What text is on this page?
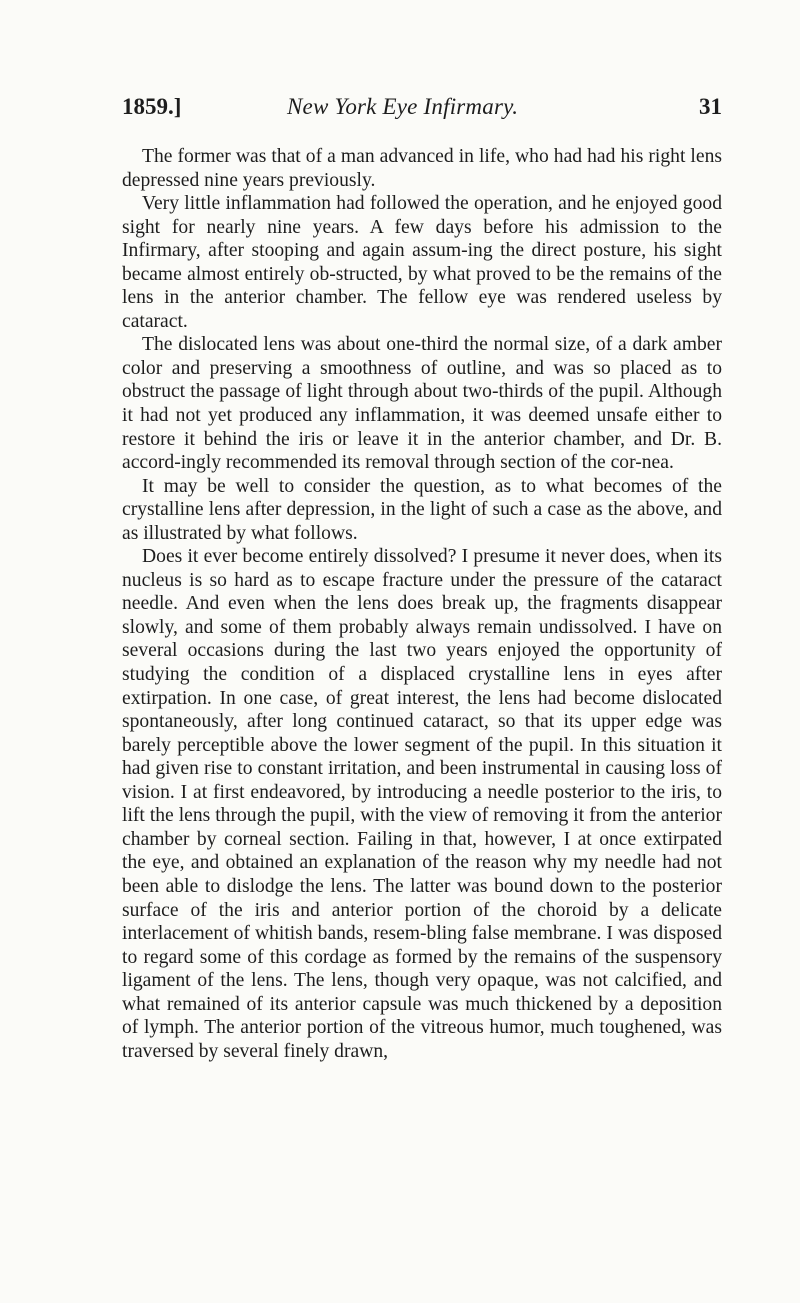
1859.]	New York Eye Infirmary.	31

The former was that of a man advanced in life, who had had his right lens depressed nine years previously.

Very little inflammation had followed the operation, and he enjoyed good sight for nearly nine years. A few days before his admission to the Infirmary, after stooping and again assum-ing the direct posture, his sight became almost entirely ob-structed, by what proved to be the remains of the lens in the anterior chamber. The fellow eye was rendered useless by cataract.

The dislocated lens was about one-third the normal size, of a dark amber color and preserving a smoothness of outline, and was so placed as to obstruct the passage of light through about two-thirds of the pupil. Although it had not yet produced any inflammation, it was deemed unsafe either to restore it behind the iris or leave it in the anterior chamber, and Dr. B. accord-ingly recommended its removal through section of the cor-nea.

It may be well to consider the question, as to what becomes of the crystalline lens after depression, in the light of such a case as the above, and as illustrated by what follows.

Does it ever become entirely dissolved? I presume it never does, when its nucleus is so hard as to escape fracture under the pressure of the cataract needle. And even when the lens does break up, the fragments disappear slowly, and some of them probably always remain undissolved. I have on several occasions during the last two years enjoyed the opportunity of studying the condition of a displaced crystalline lens in eyes after extirpation. In one case, of great interest, the lens had become dislocated spontaneously, after long continued cataract, so that its upper edge was barely perceptible above the lower segment of the pupil. In this situation it had given rise to constant irritation, and been instrumental in causing loss of vision. I at first endeavored, by introducing a needle posterior to the iris, to lift the lens through the pupil, with the view of removing it from the anterior chamber by corneal section. Failing in that, however, I at once extirpated the eye, and obtained an explanation of the reason why my needle had not been able to dislodge the lens. The latter was bound down to the posterior surface of the iris and anterior portion of the choroid by a delicate interlacement of whitish bands, resem-bling false membrane. I was disposed to regard some of this cordage as formed by the remains of the suspensory ligament of the lens. The lens, though very opaque, was not calcified, and what remained of its anterior capsule was much thickened by a deposition of lymph. The anterior portion of the vitreous humor, much toughened, was traversed by several finely drawn,
